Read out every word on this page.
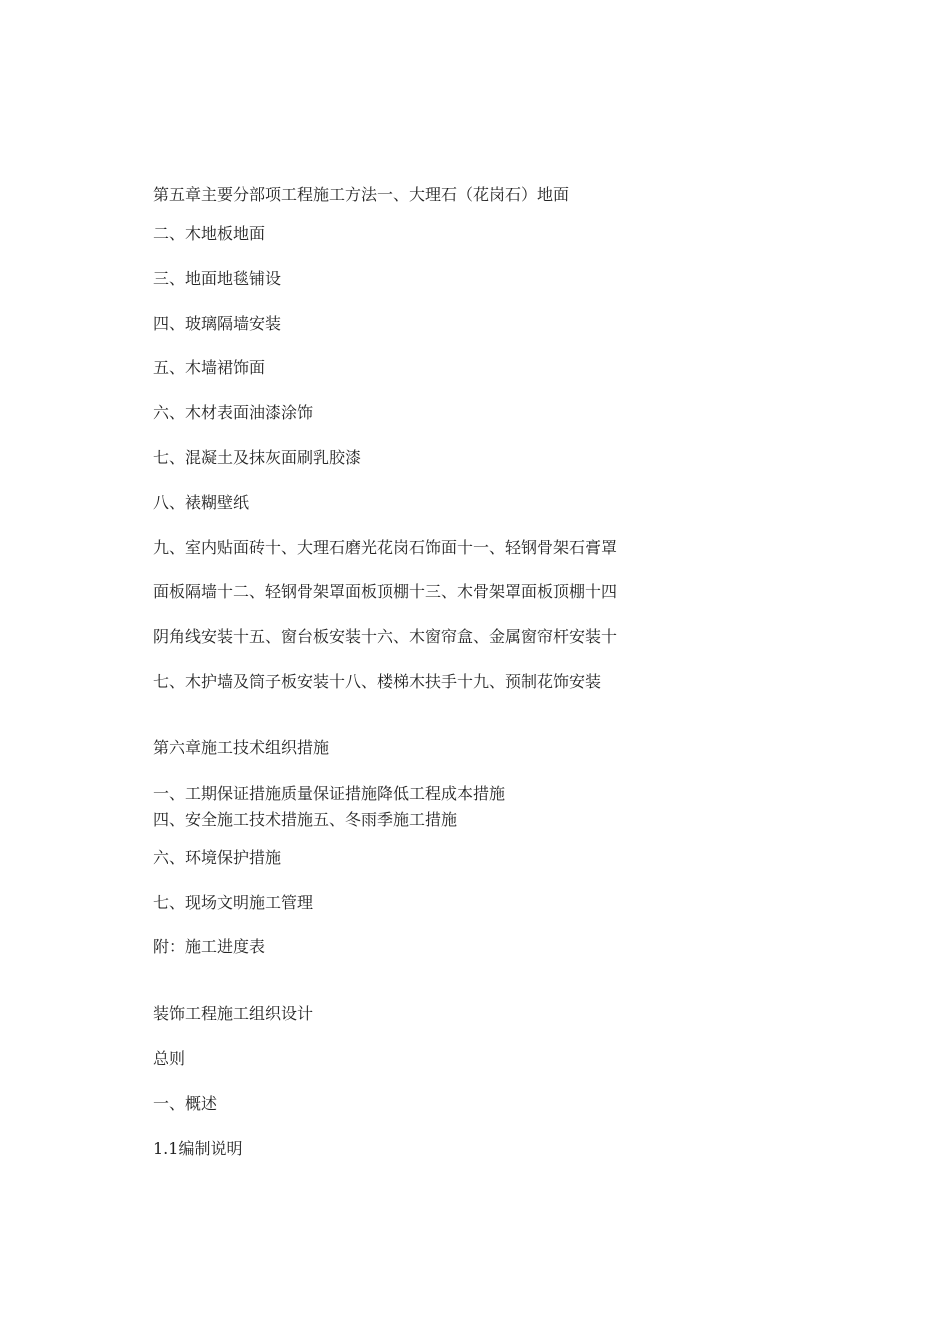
第五章主要分部项工程施工方法一、大理石（花岗石）地面

二、木地板地面

三、地面地毯铺设

四、玻璃隔墙安装

五、木墙裙饰面

六、木材表面油漆涂饰

七、混凝土及抹灰面刷乳胶漆

八、裱糊壁纸

九、室内贴面砖十、大理石磨光花岗石饰面十一、轻钢骨架石膏罩

面板隔墙十二、轻钢骨架罩面板顶棚十三、木骨架罩面板顶棚十四

阴角线安装十五、窗台板安装十六、木窗帘盒、金属窗帘杆安装十

七、木护墙及筒子板安装十八、楼梯木扶手十九、预制花饰安装

第六章施工技术组织措施

一、工期保证措施质量保证措施降低工程成本措施

四、安全施工技术措施五、冬雨季施工措施

六、环境保护措施

七、现场文明施工管理

附：施工进度表

装饰工程施工组织设计

总则

一、概述

1.1编制说明
